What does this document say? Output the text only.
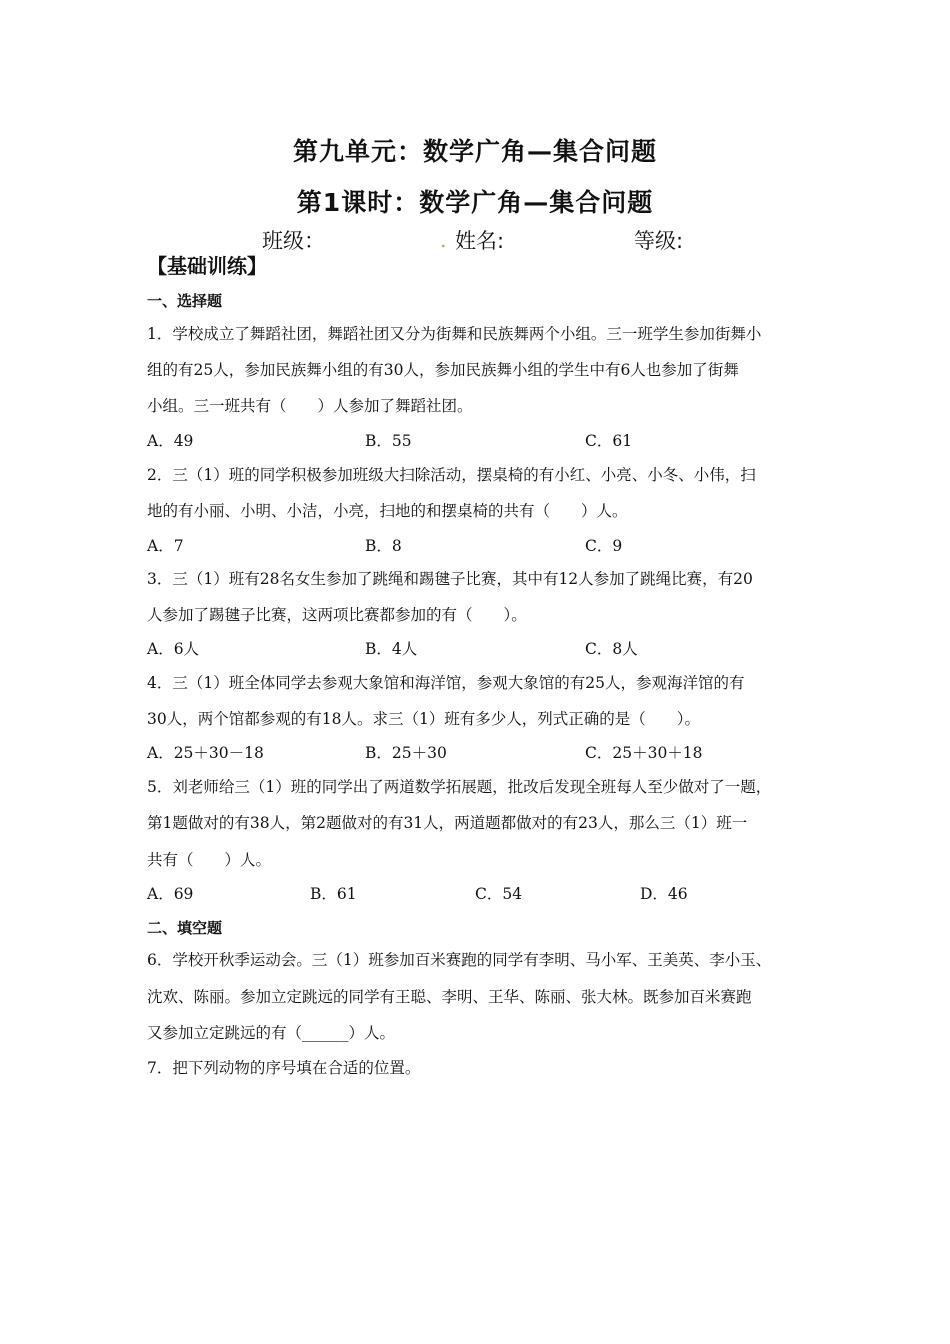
第九单元：数学广角—集合问题
第1课时：数学广角—集合问题
班级：	. 姓名:	等级:
【基础训练】
一、选择题
1．学校成立了舞蹈社团，舞蹈社团又分为街舞和民族舞两个小组。三一班学生参加街舞小
组的有25人，参加民族舞小组的有30人，参加民族舞小组的学生中有6人也参加了街舞
小组。三一班共有（　　）人参加了舞蹈社团。
A．49	B．55	C．61
2．三（1）班的同学积极参加班级大扫除活动，摆桌椅的有小红、小亮、小冬、小伟，扫
地的有小丽、小明、小洁，小亮，扫地的和摆桌椅的共有（　　）人。
A．7	B．8	C．9
3．三（1）班有28名女生参加了跳绳和踢毽子比赛，其中有12人参加了跳绳比赛，有20
人参加了踢毽子比赛，这两项比赛都参加的有（　　）。
A．6人	B．4人	C．8人
4．三（1）班全体同学去参观大象馆和海洋馆，参观大象馆的有25人，参观海洋馆的有
30人，两个馆都参观的有18人。求三（1）班有多少人，列式正确的是（　　）。
A．25＋30－18	B．25＋30	C．25＋30＋18
5．刘老师给三（1）班的同学出了两道数学拓展题，批改后发现全班每人至少做对了一题，
第1题做对的有38人，第2题做对的有31人，两道题都做对的有23人，那么三（1）班一
共有（　　）人。
A．69	B．61	C．54	D．46
二、填空题
6．学校开秋季运动会。三（1）班参加百米赛跑的同学有李明、马小军、王美英、李小玉、
沈欢、陈丽。参加立定跳远的同学有王聪、李明、王华、陈丽、张大林。既参加百米赛跑
又参加立定跳远的有（______）人。
7．把下列动物的序号填在合适的位置。
